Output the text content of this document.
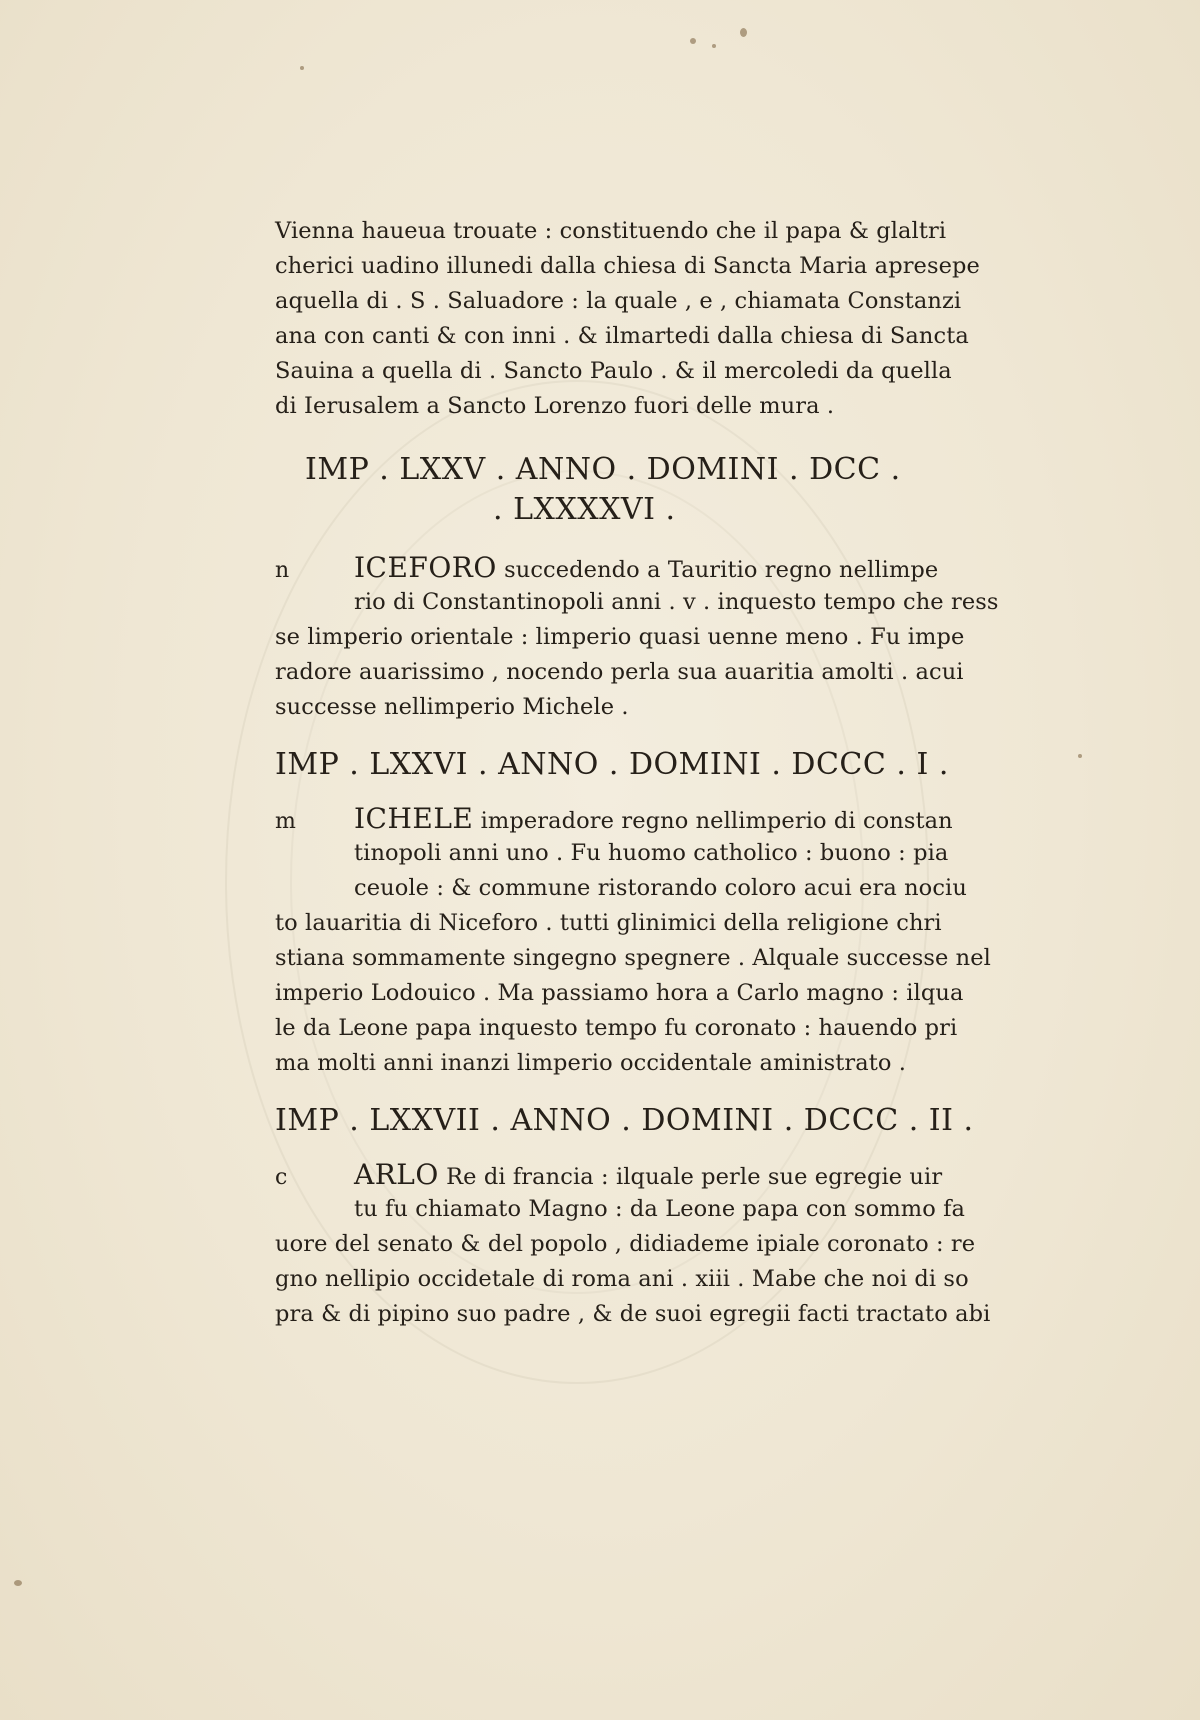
Vienna haueua trouate : constituendo che il papa & glaltri
cherici uadino illunedi dalla chiesa di Sancta Maria apresepe
aquella di . S . Saluadore : la quale , e , chiamata Constanzi
ana con canti & con inni . & ilmartedi dalla chiesa di Sancta
Sauina a quella di . Sancto Paulo . & il mercoledi da quella
di Ierusalem a Sancto Lorenzo fuori delle mura .
IMP . LXXV . ANNO . DOMINI . DCC .
. LXXXXVI .
n ICEFORO succedendo a Tauritio regno nellimpe
rio di Constantinopoli anni . v . inquesto tempo che ress
se limperio orientale : limperio quasi uenne meno . Fu impe
radore auarissimo , nocendo perla sua auaritia amolti . acui
successe nellimperio Michele .
IMP . LXXVI . ANNO . DOMINI . DCCC . I .
m ICHELE imperadore regno nellimperio di constan
tinopoli anni uno . Fu huomo catholico : buono : pia
ceuole : & commune ristorando coloro acui era nociu
to lauaritia di Niceforo . tutti glinimici della religione chri
stiana sommamente singegno spegnere . Alquale successe nel
imperio Lodouico . Ma passiamo hora a Carlo magno : ilqua
le da Leone papa inquesto tempo fu coronato : hauendo pri
ma molti anni inanzi limperio occidentale aministrato .
IMP . LXXVII . ANNO . DOMINI . DCCC . II .
c ARLO Re di francia : ilquale perle sue egregie uir
tu fu chiamato Magno : da Leone papa con sommo fa
uore del senato & del popolo , didiademe ipiale coronato : re
gno nellipio occidetale di roma ani . xiii . Mabe che noi di so
pra & di pipino suo padre , & de suoi egregii facti tractato abi
